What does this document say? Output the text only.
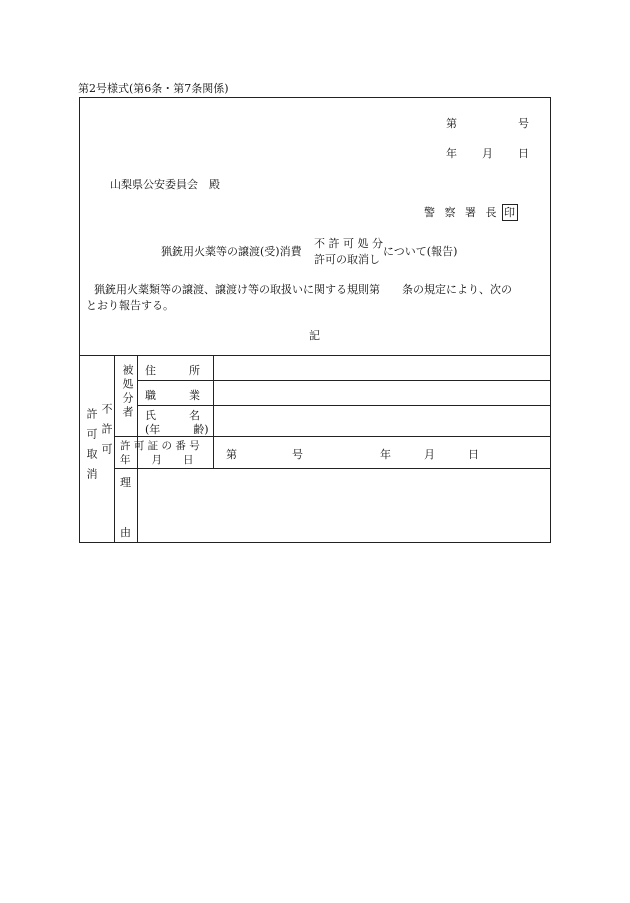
第2号様式(第6条・第7条関係)
第	号
年 月 日
山梨県公安委員会　殿
警 察 署 長 印
猟銃用火薬等の譲渡(受)消費
不 許 可 処 分
許可の取消し
について(報告)
猟銃用火薬類等の譲渡、譲渡け等の取扱いに関する規則第　　条の規定により、次の
とおり報告する。
記
不許可
許可取消
被処分者 住　　　所
職　　　業
氏　　　名
(年　　　齢)
許 可 証 の 番 号
年　　月　　日	第　　　　　号　　　　　　　年　　　月　　　日
理
由
